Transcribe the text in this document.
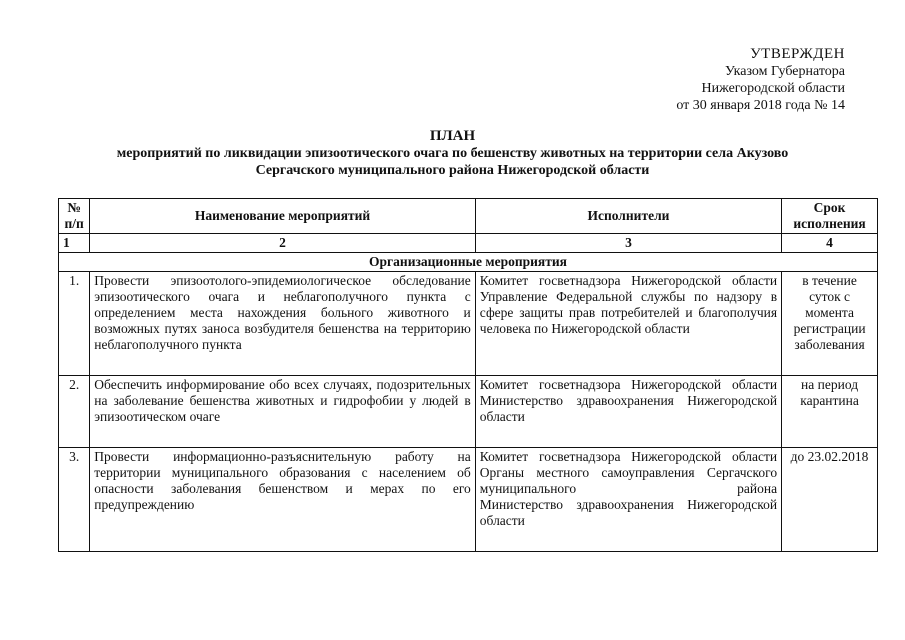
УТВЕРЖДЕН
Указом Губернатора
Нижегородской области
от 30 января 2018 года № 14
ПЛАН
мероприятий по ликвидации эпизоотического очага по бешенству животных на территории села Акузово
Сергачского муниципального района Нижегородской области
№ п/п	Наименование мероприятий	Исполнители	Срок исполнения
1	2	3	4
Организационные мероприятия			
1.	Провести эпизоотолого-эпидемиологическое обследование эпизоотического очага и неблагополучного пункта с определением места нахождения больного животного и возможных путях заноса возбудителя бешенства на территорию неблагополучного пункта	Комитет госветнадзора Нижегородской области
Управление Федеральной службы по надзору в сфере защиты прав потребителей и благополучия человека по Нижегородской области	в течение суток с момента регистрации заболевания
2.	Обеспечить информирование обо всех случаях, подозрительных на заболевание бешенства животных и гидрофобии у людей в эпизоотическом очаге	Комитет госветнадзора Нижегородской области
Министерство здравоохранения Нижегородской области	на период карантина
3.	Провести информационно-разъяснительную работу на территории муниципального образования с населением об опасности заболевания бешенством и мерах по его предупреждению	Комитет госветнадзора Нижегородской области
Органы местного самоуправления Сергачского муниципального района
Министерство здравоохранения Нижегородской области	до 23.02.2018
